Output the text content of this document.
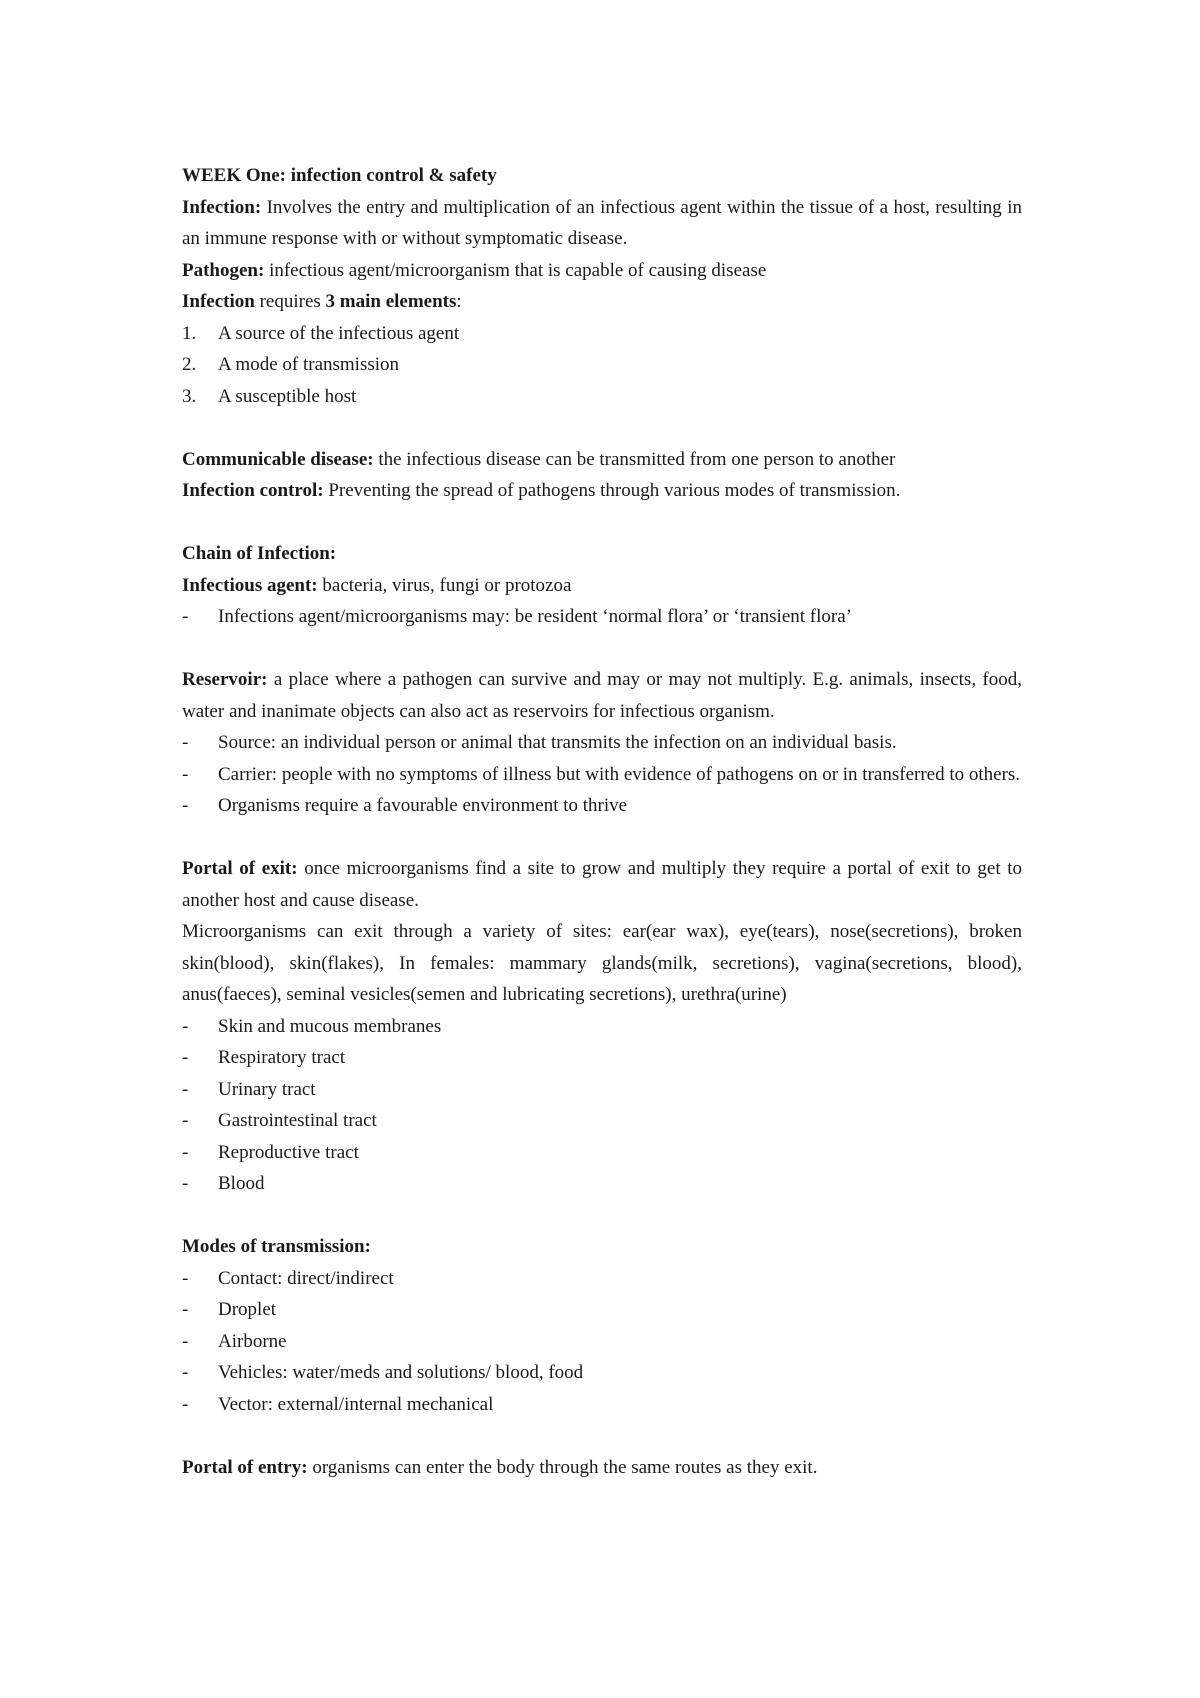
WEEK One: infection control & safety

Infection: Involves the entry and multiplication of an infectious agent within the tissue of a host, resulting in an immune response with or without symptomatic disease.

Pathogen: infectious agent/microorganism that is capable of causing disease

Infection requires 3 main elements:

1.	A source of the infectious agent
2.	A mode of transmission
3.	A susceptible host

Communicable disease: the infectious disease can be transmitted from one person to another

Infection control: Preventing the spread of pathogens through various modes of transmission.

Chain of Infection:

Infectious agent: bacteria, virus, fungi or protozoa

-	Infections agent/microorganisms may: be resident ‘normal flora’ or ‘transient flora’

Reservoir: a place where a pathogen can survive and may or may not multiply. E.g. animals, insects, food, water and inanimate objects can also act as reservoirs for infectious organism.

-	Source: an individual person or animal that transmits the infection on an individual basis.
-	Carrier: people with no symptoms of illness but with evidence of pathogens on or in transferred to others.
-	Organisms require a favourable environment to thrive

Portal of exit: once microorganisms find a site to grow and multiply they require a portal of exit to get to another host and cause disease.

Microorganisms can exit through a variety of sites: ear(ear wax), eye(tears), nose(secretions), broken skin(blood), skin(flakes), In females: mammary glands(milk, secretions), vagina(secretions, blood), anus(faeces), seminal vesicles(semen and lubricating secretions), urethra(urine)

-	Skin and mucous membranes
-	Respiratory tract
-	Urinary tract
-	Gastrointestinal tract
-	Reproductive tract
-	Blood

Modes of transmission:

-	Contact: direct/indirect
-	Droplet
-	Airborne
-	Vehicles: water/meds and solutions/ blood, food
-	Vector: external/internal mechanical

Portal of entry: organisms can enter the body through the same routes as they exit.
